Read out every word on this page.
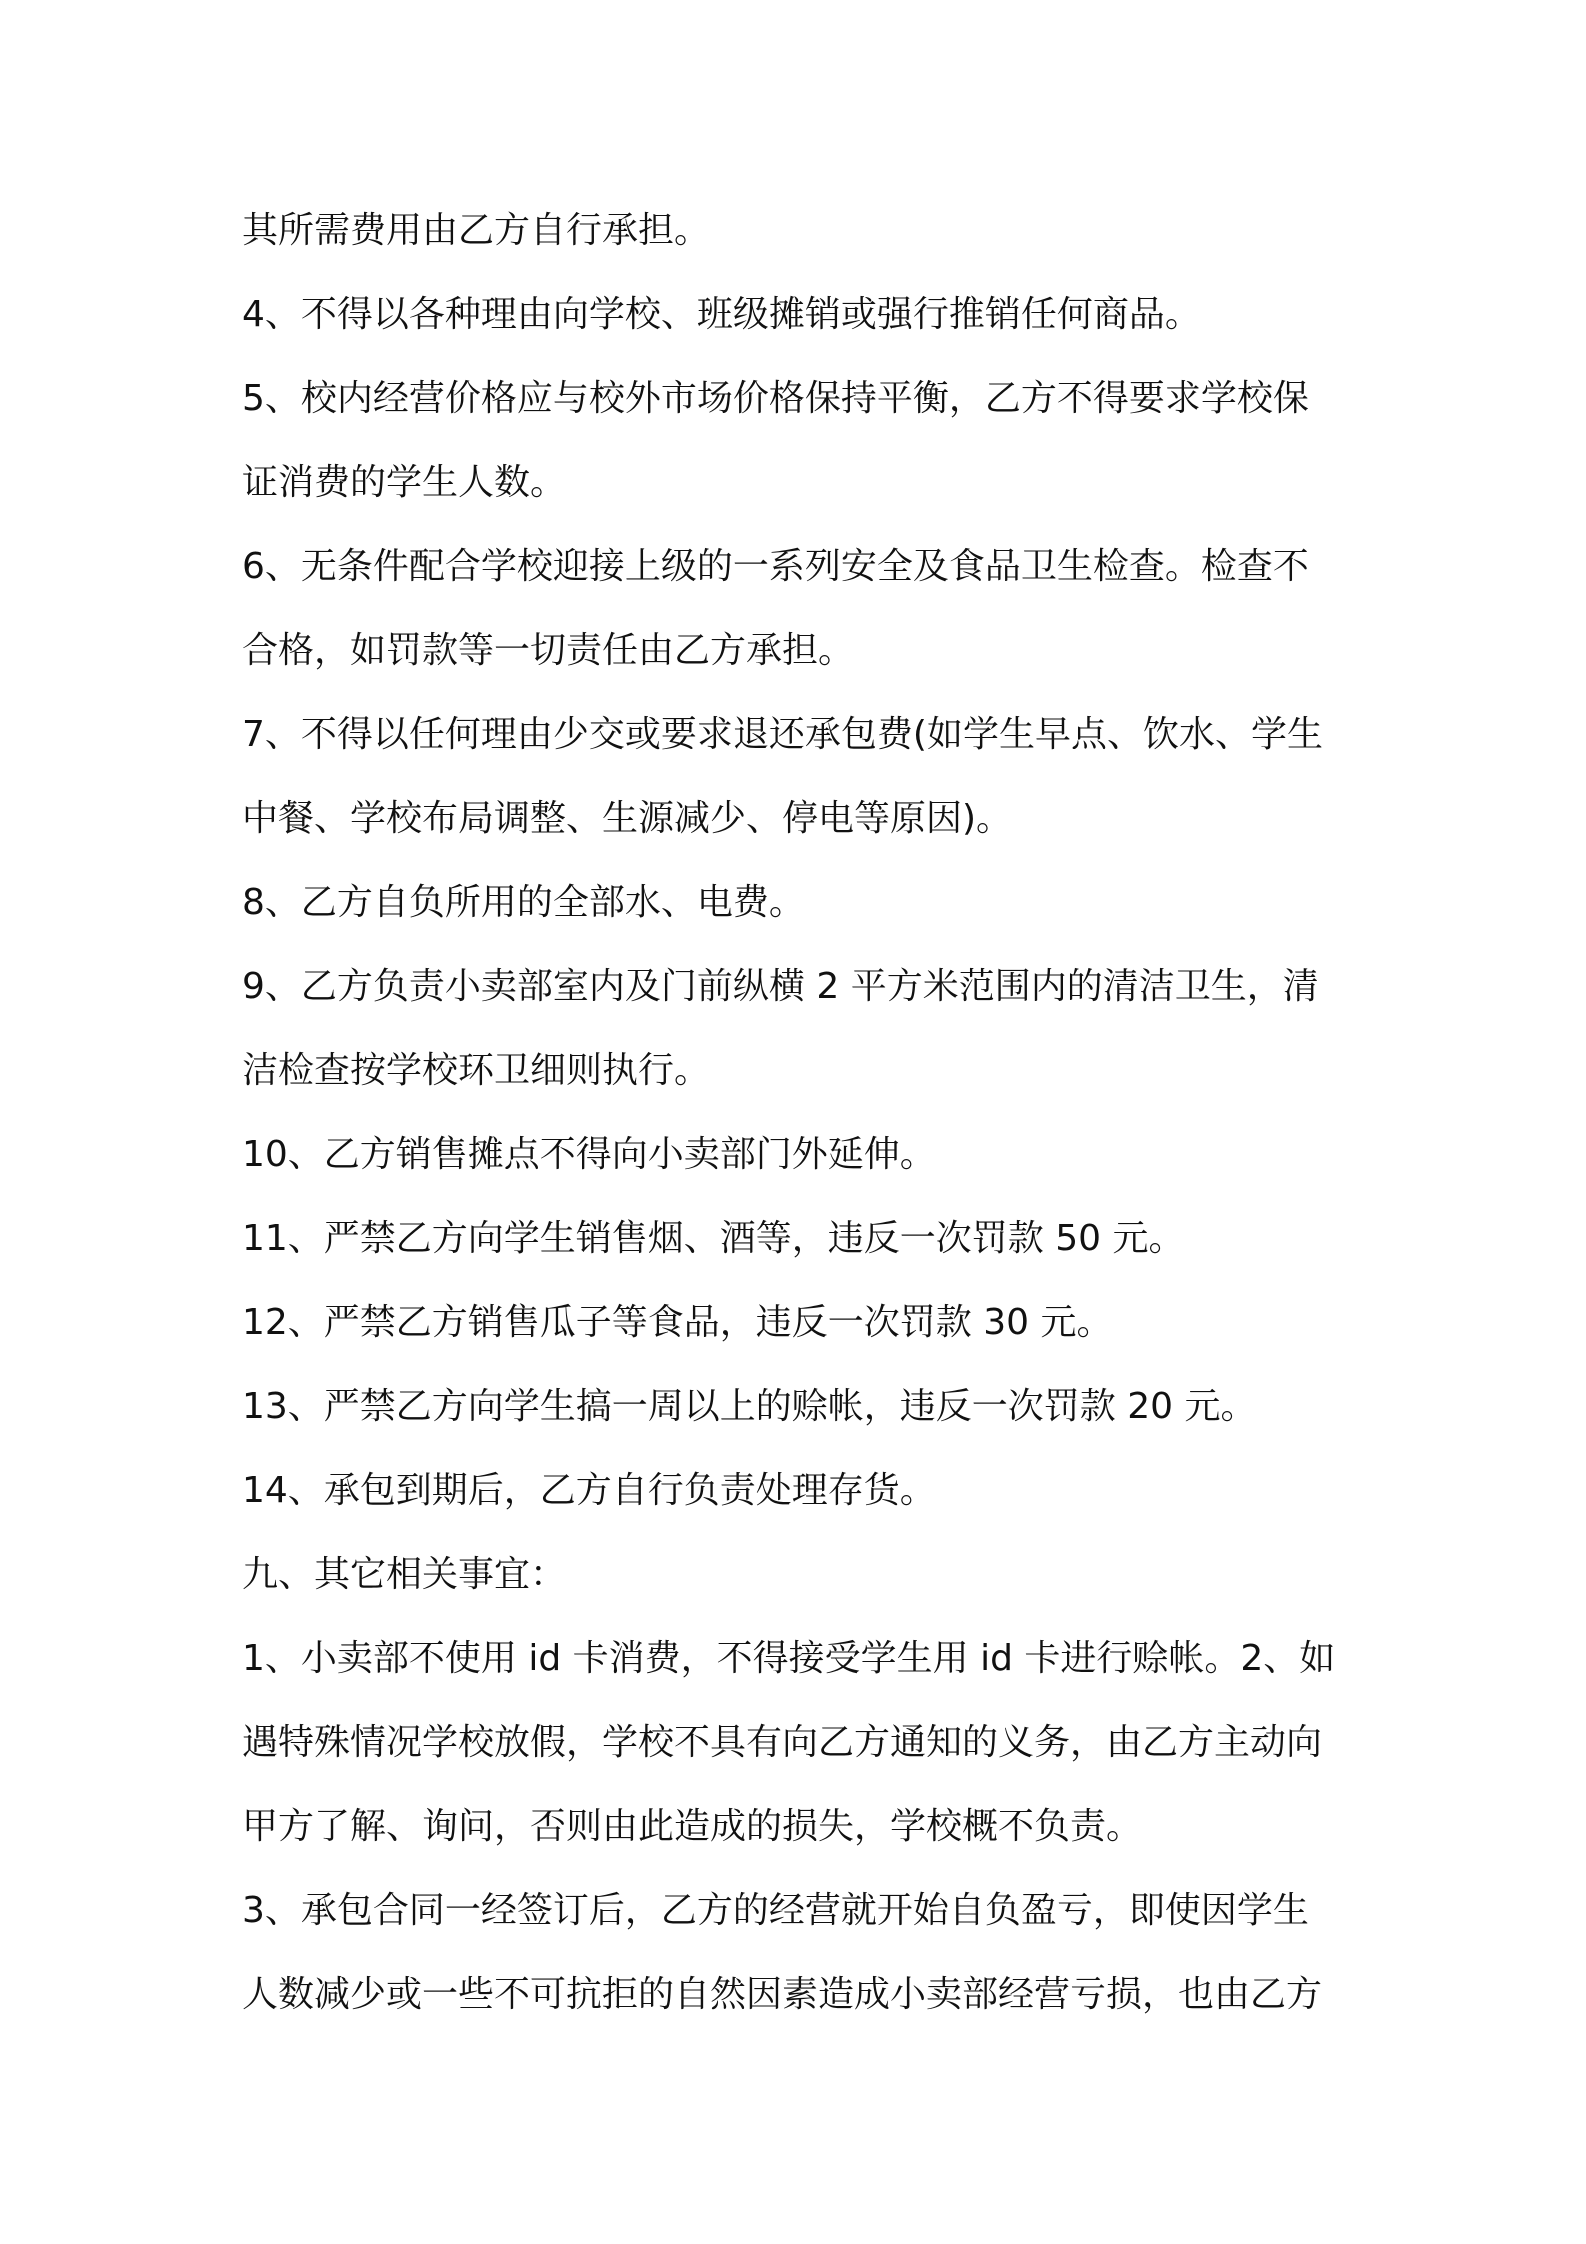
其所需费用由乙方自行承担。
4、不得以各种理由向学校、班级摊销或强行推销任何商品。
5、校内经营价格应与校外市场价格保持平衡，乙方不得要求学校保
证消费的学生人数。
6、无条件配合学校迎接上级的一系列安全及食品卫生检查。检查不
合格，如罚款等一切责任由乙方承担。
7、不得以任何理由少交或要求退还承包费(如学生早点、饮水、学生
中餐、学校布局调整、生源减少、停电等原因)。
8、乙方自负所用的全部水、电费。
9、乙方负责小卖部室内及门前纵横 2 平方米范围内的清洁卫生，清
洁检查按学校环卫细则执行。
10、乙方销售摊点不得向小卖部门外延伸。
11、严禁乙方向学生销售烟、酒等，违反一次罚款 50 元。
12、严禁乙方销售瓜子等食品，违反一次罚款 30 元。
13、严禁乙方向学生搞一周以上的赊帐，违反一次罚款 20 元。
14、承包到期后，乙方自行负责处理存货。
九、其它相关事宜：
1、小卖部不使用 id 卡消费，不得接受学生用 id 卡进行赊帐。2、如
遇特殊情况学校放假，学校不具有向乙方通知的义务，由乙方主动向
甲方了解、询问，否则由此造成的损失，学校概不负责。
3、承包合同一经签订后，乙方的经营就开始自负盈亏，即使因学生
人数减少或一些不可抗拒的自然因素造成小卖部经营亏损，也由乙方
